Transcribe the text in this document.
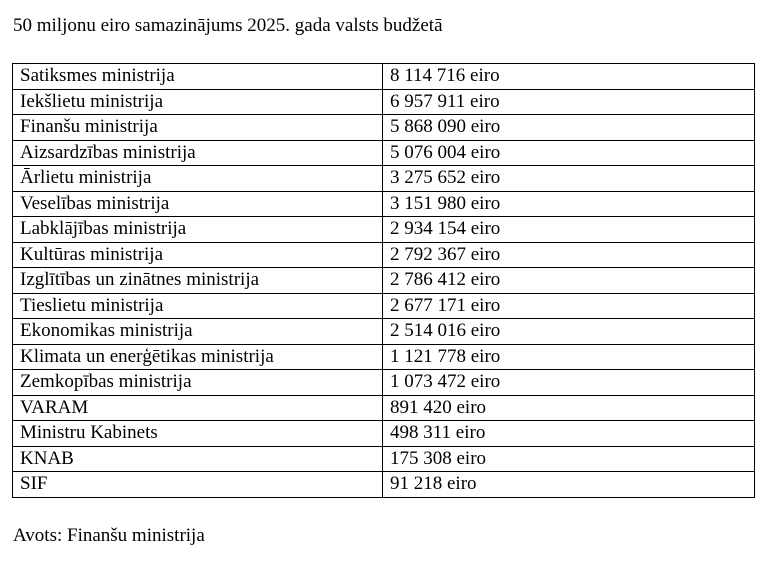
50 miljonu eiro samazinājums 2025. gada valsts budžetā
Satiksmes ministrija	8 114 716 eiro
Iekšlietu ministrija	6 957 911 eiro
Finanšu ministrija	5 868 090 eiro
Aizsardzības ministrija	5 076 004 eiro
Ārlietu ministrija	3 275 652 eiro
Veselības ministrija	3 151 980 eiro
Labklājības ministrija	2 934 154 eiro
Kultūras ministrija	2 792 367 eiro
Izglītības un zinātnes ministrija	2 786 412 eiro
Tieslietu ministrija	2 677 171 eiro
Ekonomikas ministrija	2 514 016 eiro
Klimata un enerģētikas ministrija	1 121 778 eiro
Zemkopības ministrija	1 073 472 eiro
VARAM	891 420 eiro
Ministru Kabinets	498 311 eiro
KNAB	175 308 eiro
SIF	91 218 eiro
Avots: Finanšu ministrija
